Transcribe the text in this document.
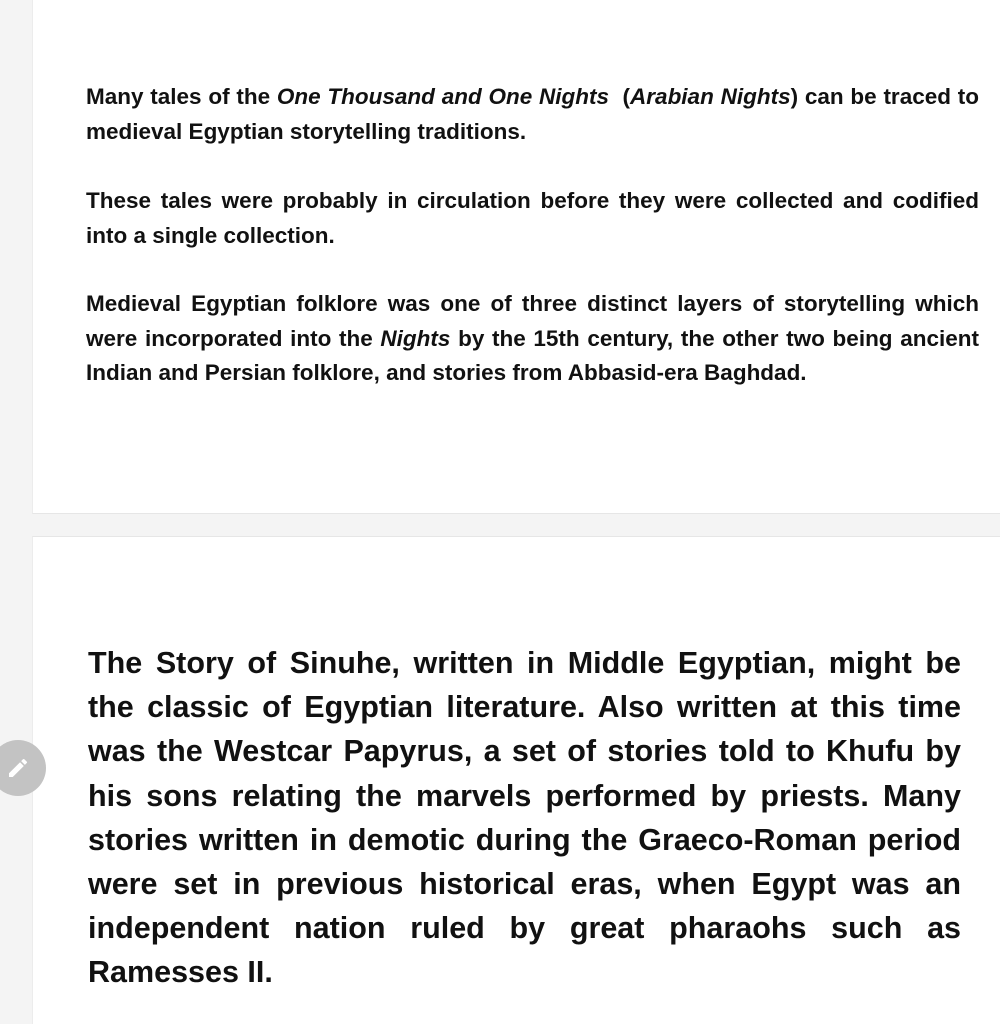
Many tales of the One Thousand and One Nights  (Arabian Nights) can be traced to medieval Egyptian storytelling traditions.

These tales were probably in circulation before they were collected and codified into a single collection.

Medieval Egyptian folklore was one of three distinct layers of storytelling which were incorporated into the Nights by the 15th century, the other two being ancient Indian and Persian folklore, and stories from Abbasid-era Baghdad.

The Story of Sinuhe, written in Middle Egyptian, might be the classic of Egyptian literature. Also written at this time was the Westcar Papyrus, a set of stories told to Khufu by his sons relating the marvels performed by priests. Many stories written in demotic during the Graeco-Roman period were set in previous historical eras, when Egypt was an independent nation ruled by great pharaohs such as Ramesses II.
